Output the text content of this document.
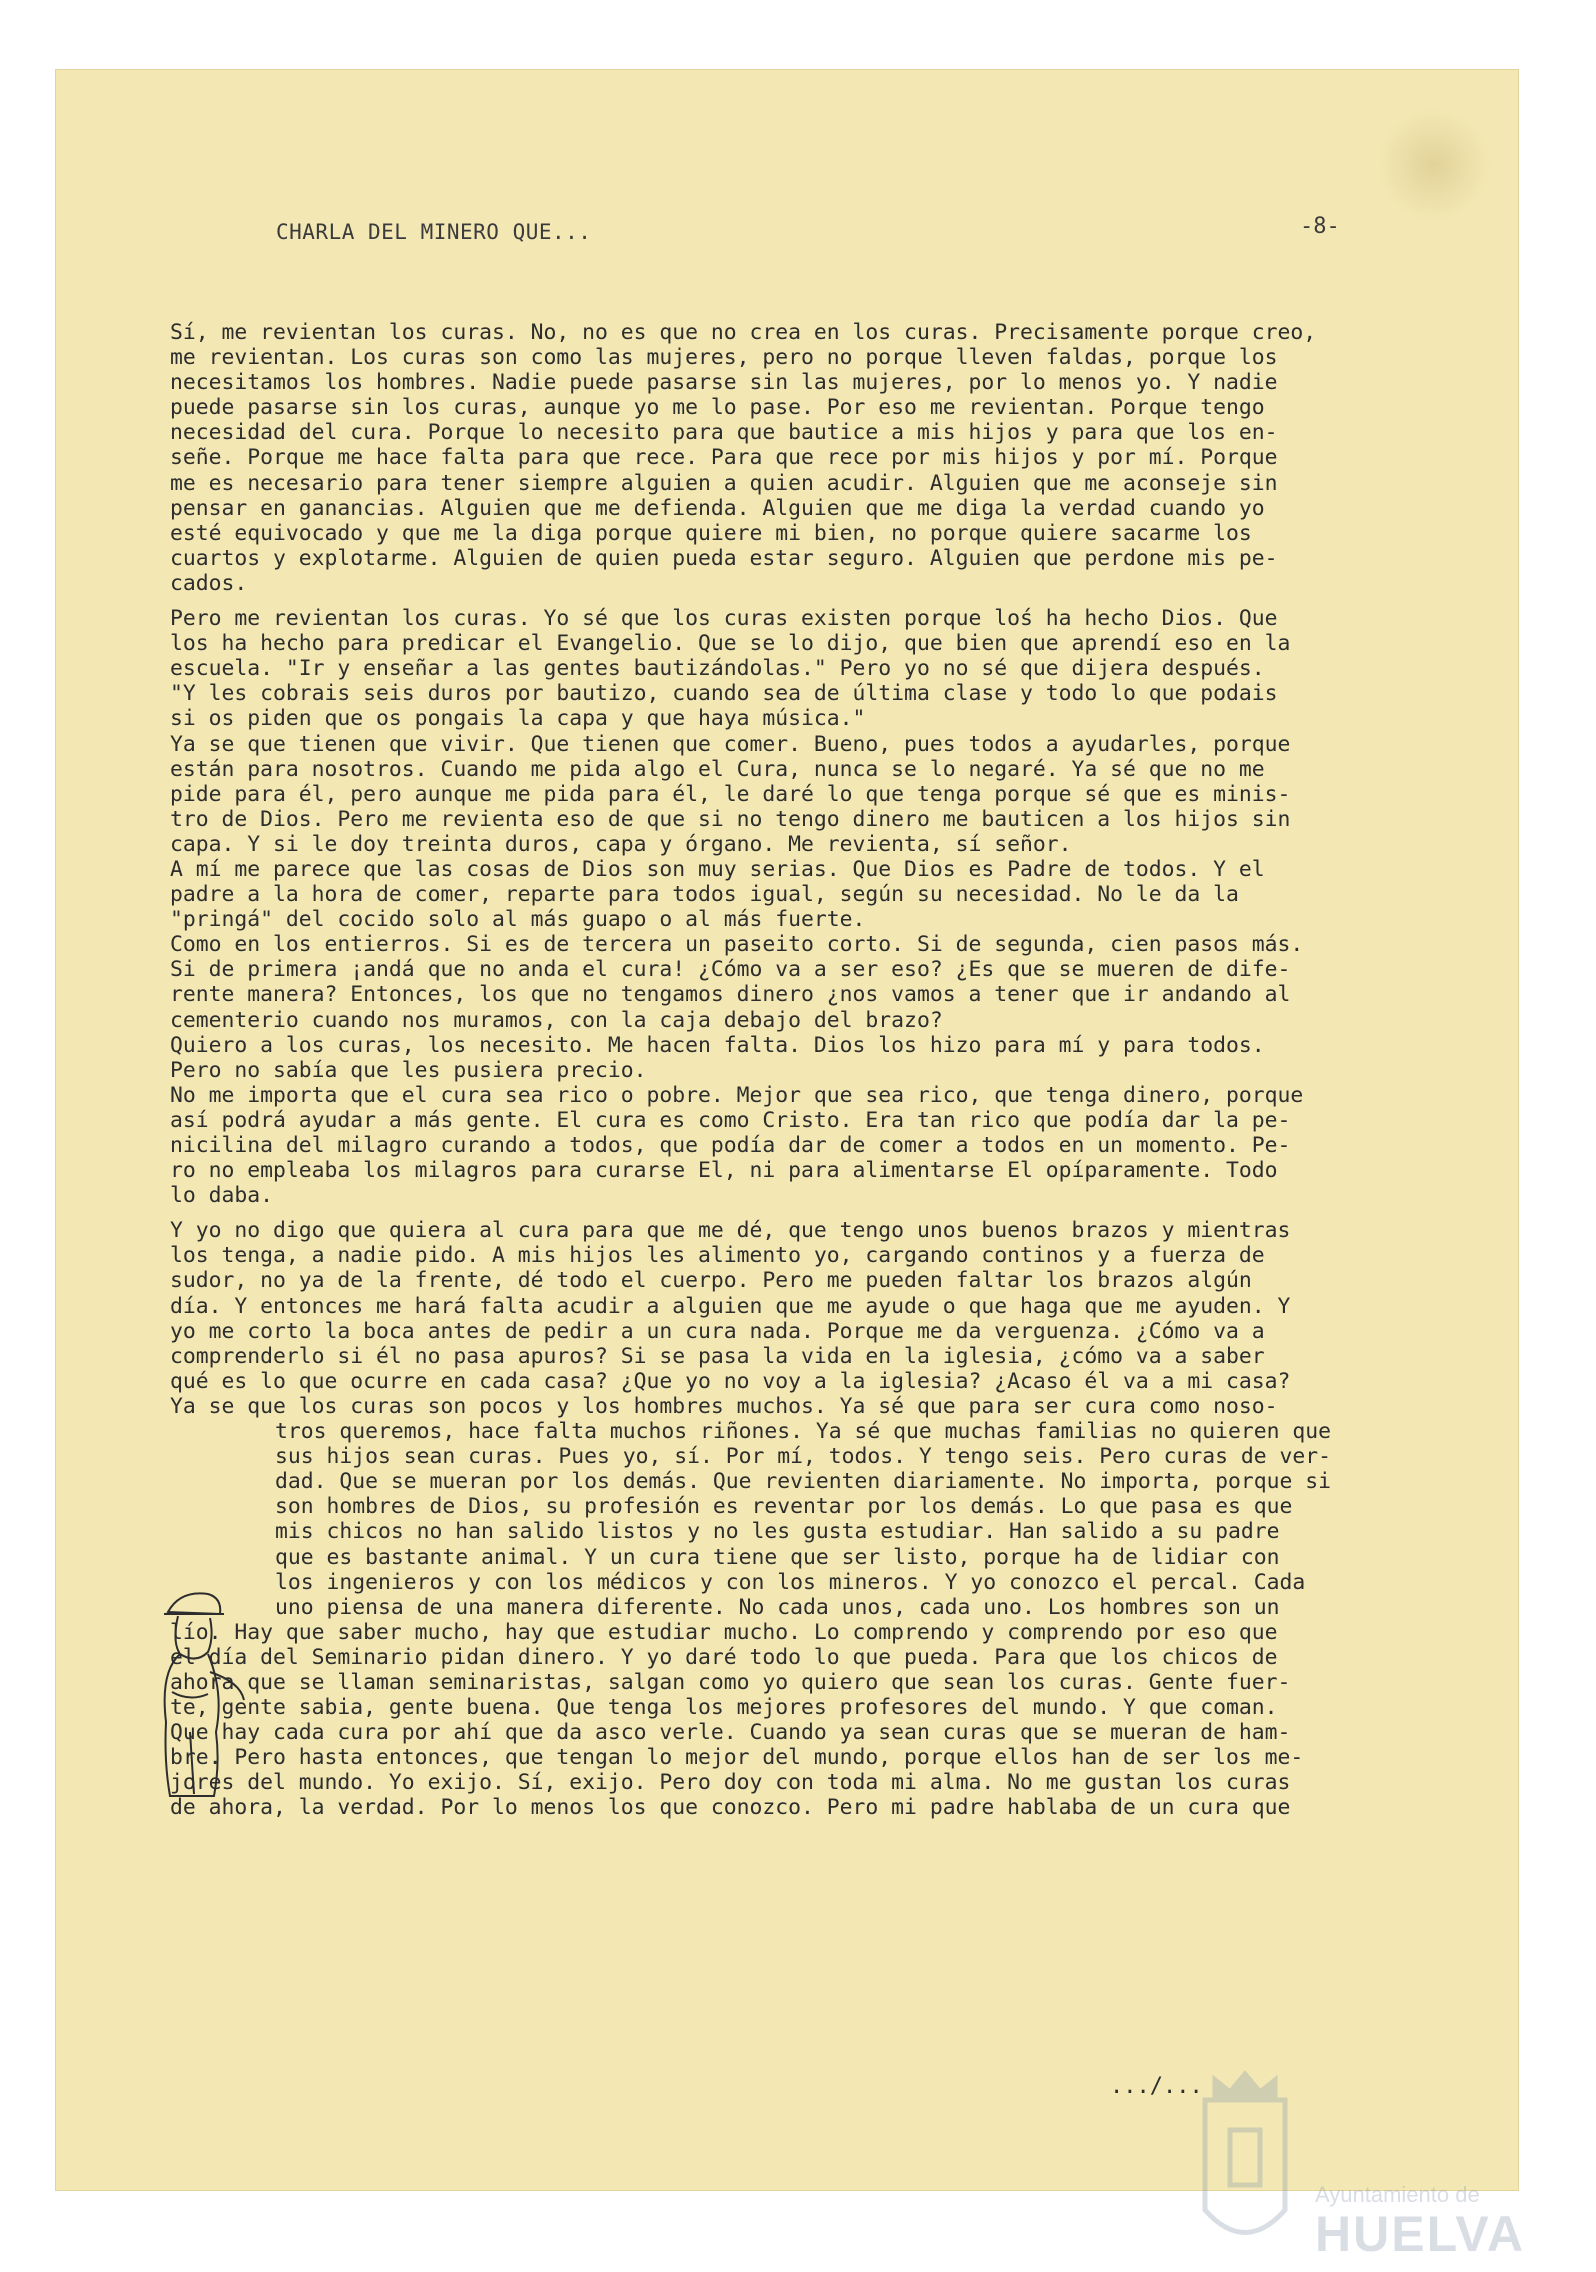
CHARLA DEL MINERO QUE...	-8-
Sí, me revientan los curas. No, no es que no crea en los curas. Precisamente porque creo,
me revientan. Los curas son como las mujeres, pero no porque lleven faldas, porque los
necesitamos los hombres. Nadie puede pasarse sin las mujeres, por lo menos yo. Y nadie
puede pasarse sin los curas, aunque yo me lo pase. Por eso me revientan. Porque tengo
necesidad del cura. Porque lo necesito para que bautice a mis hijos y para que los en-
señe. Porque me hace falta para que rece. Para que rece por mis hijos y por mí. Porque
me es necesario para tener siempre alguien a quien acudir. Alguien que me aconseje sin
pensar en ganancias. Alguien que me defienda. Alguien que me diga la verdad cuando yo
esté equivocado y que me la diga porque quiere mi bien, no porque quiere sacarme los
cuartos y explotarme. Alguien de quien pueda estar seguro. Alguien que perdone mis pe-
cados.
Pero me revientan los curas. Yo sé que los curas existen porque loś ha hecho Dios. Que
los ha hecho para predicar el Evangelio. Que se lo dijo, que bien que aprendí eso en la
escuela. "Ir y enseñar a las gentes bautizándolas." Pero yo no sé que dijera después.
"Y les cobrais seis duros por bautizo, cuando sea de última clase y todo lo que podais
si os piden que os pongais la capa y que haya música."
Ya se que tienen que vivir. Que tienen que comer. Bueno, pues todos a ayudarles, porque
están para nosotros. Cuando me pida algo el Cura, nunca se lo negaré. Ya sé que no me
pide para él, pero aunque me pida para él, le daré lo que tenga porque sé que es minis-
tro de Dios. Pero me revienta eso de que si no tengo dinero me bauticen a los hijos sin
capa. Y si le doy treinta duros, capa y órgano. Me revienta, sí señor.
A mí me parece que las cosas de Dios son muy serias. Que Dios es Padre de todos. Y el
padre a la hora de comer, reparte para todos igual, según su necesidad. No le da la
"pringá" del cocido solo al más guapo o al más fuerte.
Como en los entierros. Si es de tercera un paseito corto. Si de segunda, cien pasos más.
Si de primera ¡andá que no anda el cura! ¿Cómo va a ser eso? ¿Es que se mueren de dife-
rente manera? Entonces, los que no tengamos dinero ¿nos vamos a tener que ir andando al
cementerio cuando nos muramos, con la caja debajo del brazo?
Quiero a los curas, los necesito. Me hacen falta. Dios los hizo para mí y para todos.
Pero no sabía que les pusiera precio.
No me importa que el cura sea rico o pobre. Mejor que sea rico, que tenga dinero, porque
así podrá ayudar a más gente. El cura es como Cristo. Era tan rico que podía dar la pe-
nicilina del milagro curando a todos, que podía dar de comer a todos en un momento. Pe-
ro no empleaba los milagros para curarse El, ni para alimentarse El opíparamente. Todo
lo daba.
Y yo no digo que quiera al cura para que me dé, que tengo unos buenos brazos y mientras
los tenga, a nadie pido. A mis hijos les alimento yo, cargando continos y a fuerza de
sudor, no ya de la frente, dé todo el cuerpo. Pero me pueden faltar los brazos algún
día. Y entonces me hará falta acudir a alguien que me ayude o que haga que me ayuden. Y
yo me corto la boca antes de pedir a un cura nada. Porque me da verguenza. ¿Cómo va a
comprenderlo si él no pasa apuros? Si se pasa la vida en la iglesia, ¿cómo va a saber
qué es lo que ocurre en cada casa? ¿Que yo no voy a la iglesia? ¿Acaso él va a mi casa?
Ya se que los curas son pocos y los hombres muchos. Ya sé que para ser cura como noso-
tros queremos, hace falta muchos riñones. Ya sé que muchas familias no quieren que
sus hijos sean curas. Pues yo, sí. Por mí, todos. Y tengo seis. Pero curas de ver-
dad. Que se mueran por los demás. Que revienten diariamente. No importa, porque si
son hombres de Dios, su profesión es reventar por los demás. Lo que pasa es que
mis chicos no han salido listos y no les gusta estudiar. Han salido a su padre
que es bastante animal. Y un cura tiene que ser listo, porque ha de lidiar con
los ingenieros y con los médicos y con los mineros. Y yo conozco el percal. Cada
uno piensa de una manera diferente. No cada unos, cada uno. Los hombres son un
lío. Hay que saber mucho, hay que estudiar mucho. Lo comprendo y comprendo por eso que
el día del Seminario pidan dinero. Y yo daré todo lo que pueda. Para que los chicos de
ahora que se llaman seminaristas, salgan como yo quiero que sean los curas. Gente fuer-
te, gente sabia, gente buena. Que tenga los mejores profesores del mundo. Y que coman.
Que hay cada cura por ahí que da asco verle. Cuando ya sean curas que se mueran de ham-
bre. Pero hasta entonces, que tengan lo mejor del mundo, porque ellos han de ser los me-
jores del mundo. Yo exijo. Sí, exijo. Pero doy con toda mi alma. No me gustan los curas
de ahora, la verdad. Por lo menos los que conozco. Pero mi padre hablaba de un cura que
.../...
Ayuntamiento de
HUELVA
